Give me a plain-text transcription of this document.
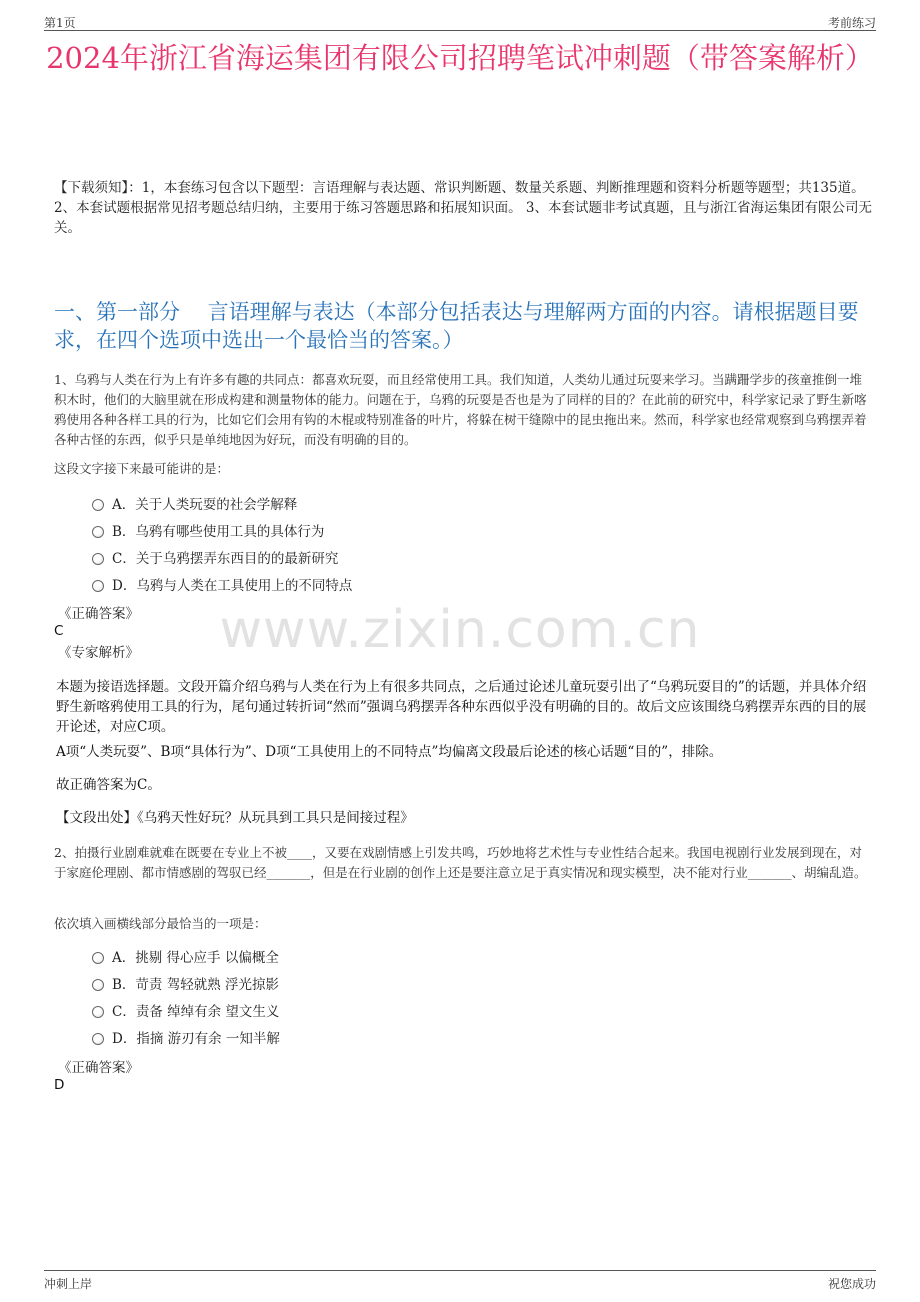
第1页	考前练习
2024年浙江省海运集团有限公司招聘笔试冲刺题（带答案解析）
【下载须知】：1，本套练习包含以下题型：言语理解与表达题、常识判断题、数量关系题、判断推理题和资料分析题等题型；共135道。 2、本套试题根据常见招考题总结归纳，主要用于练习答题思路和拓展知识面。 3、本套试题非考试真题，且与浙江省海运集团有限公司无关。
一、第一部分　 言语理解与表达（本部分包括表达与理解两方面的内容。请根据题目要求，在四个选项中选出一个最恰当的答案。）
1、乌鸦与人类在行为上有许多有趣的共同点：都喜欢玩耍，而且经常使用工具。我们知道，人类幼儿通过玩耍来学习。当蹒跚学步的孩童推倒一堆积木时，他们的大脑里就在形成构建和测量物体的能力。问题在于，乌鸦的玩耍是否也是为了同样的目的？在此前的研究中，科学家记录了野生新喀鸦使用各种各样工具的行为，比如它们会用有钩的木棍或特别准备的叶片，将躲在树干缝隙中的昆虫拖出来。然而，科学家也经常观察到乌鸦摆弄着各种古怪的东西，似乎只是单纯地因为好玩，而没有明确的目的。
这段文字接下来最可能讲的是：
A．关于人类玩耍的社会学解释
B．乌鸦有哪些使用工具的具体行为
C．关于乌鸦摆弄东西目的的最新研究
D．乌鸦与人类在工具使用上的不同特点
《正确答案》
C
《专家解析》	www.zixin.com.cn
本题为接语选择题。文段开篇介绍乌鸦与人类在行为上有很多共同点，之后通过论述儿童玩耍引出了“乌鸦玩耍目的”的话题，并具体介绍野生新喀鸦使用工具的行为，尾句通过转折词“然而”强调乌鸦摆弄各种东西似乎没有明确的目的。故后文应该围绕乌鸦摆弄东西的目的展开论述，对应C项。
A项“人类玩耍”、B项“具体行为”、D项“工具使用上的不同特点”均偏离文段最后论述的核心话题“目的”，排除。
故正确答案为C。
【文段出处】《乌鸦天性好玩？从玩具到工具只是间接过程》
2、拍摄行业剧难就难在既要在专业上不被____，又要在戏剧情感上引发共鸣，巧妙地将艺术性与专业性结合起来。我国电视剧行业发展到现在，对于家庭伦理剧、都市情感剧的驾驭已经_______，但是在行业剧的创作上还是要注意立足于真实情况和现实模型，决不能对行业_______、胡编乱造。
依次填入画横线部分最恰当的一项是：
A．挑剔 得心应手 以偏概全
B．苛责 驾轻就熟 浮光掠影
C．责备 绰绰有余 望文生义
D．指摘 游刃有余 一知半解
《正确答案》
D
冲刺上岸	祝您成功
